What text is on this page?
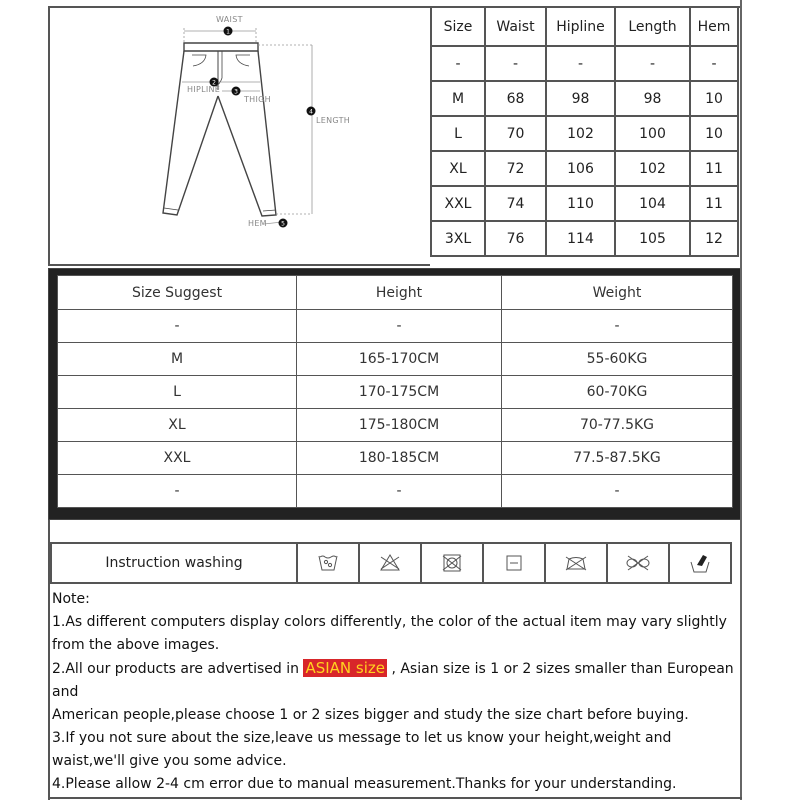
1
2
3
4
5
WAIST
HIPLINE
THIGH
LENGTH
HEM
Size	Waist	Hipline	Length	Hem
-	-	-	-	-
M	68	98	98	10
L	70	102	100	10
XL	72	106	102	11
XXL	74	110	104	11
3XL	76	114	105	12
Size Suggest	Height	Weight
-	-	-
M	165-170CM	55-60KG
L	170-175CM	60-70KG
XL	175-180CM	70-77.5KG
XXL	180-185CM	77.5-87.5KG
-	-	-
Instruction washing	

Note:

1.As different computers display colors differently, the color of the actual item may vary slightly from the above images.

2.All our products are advertised in ASIAN size , Asian size is 1 or 2 sizes smaller than European and

American people,please choose 1 or 2 sizes bigger and study the size chart before buying.

3.If you not sure about the size,leave us message to let us know your height,weight and waist,we'll give you some advice.

4.Please allow 2-4 cm error due to manual measurement.Thanks for your understanding.
